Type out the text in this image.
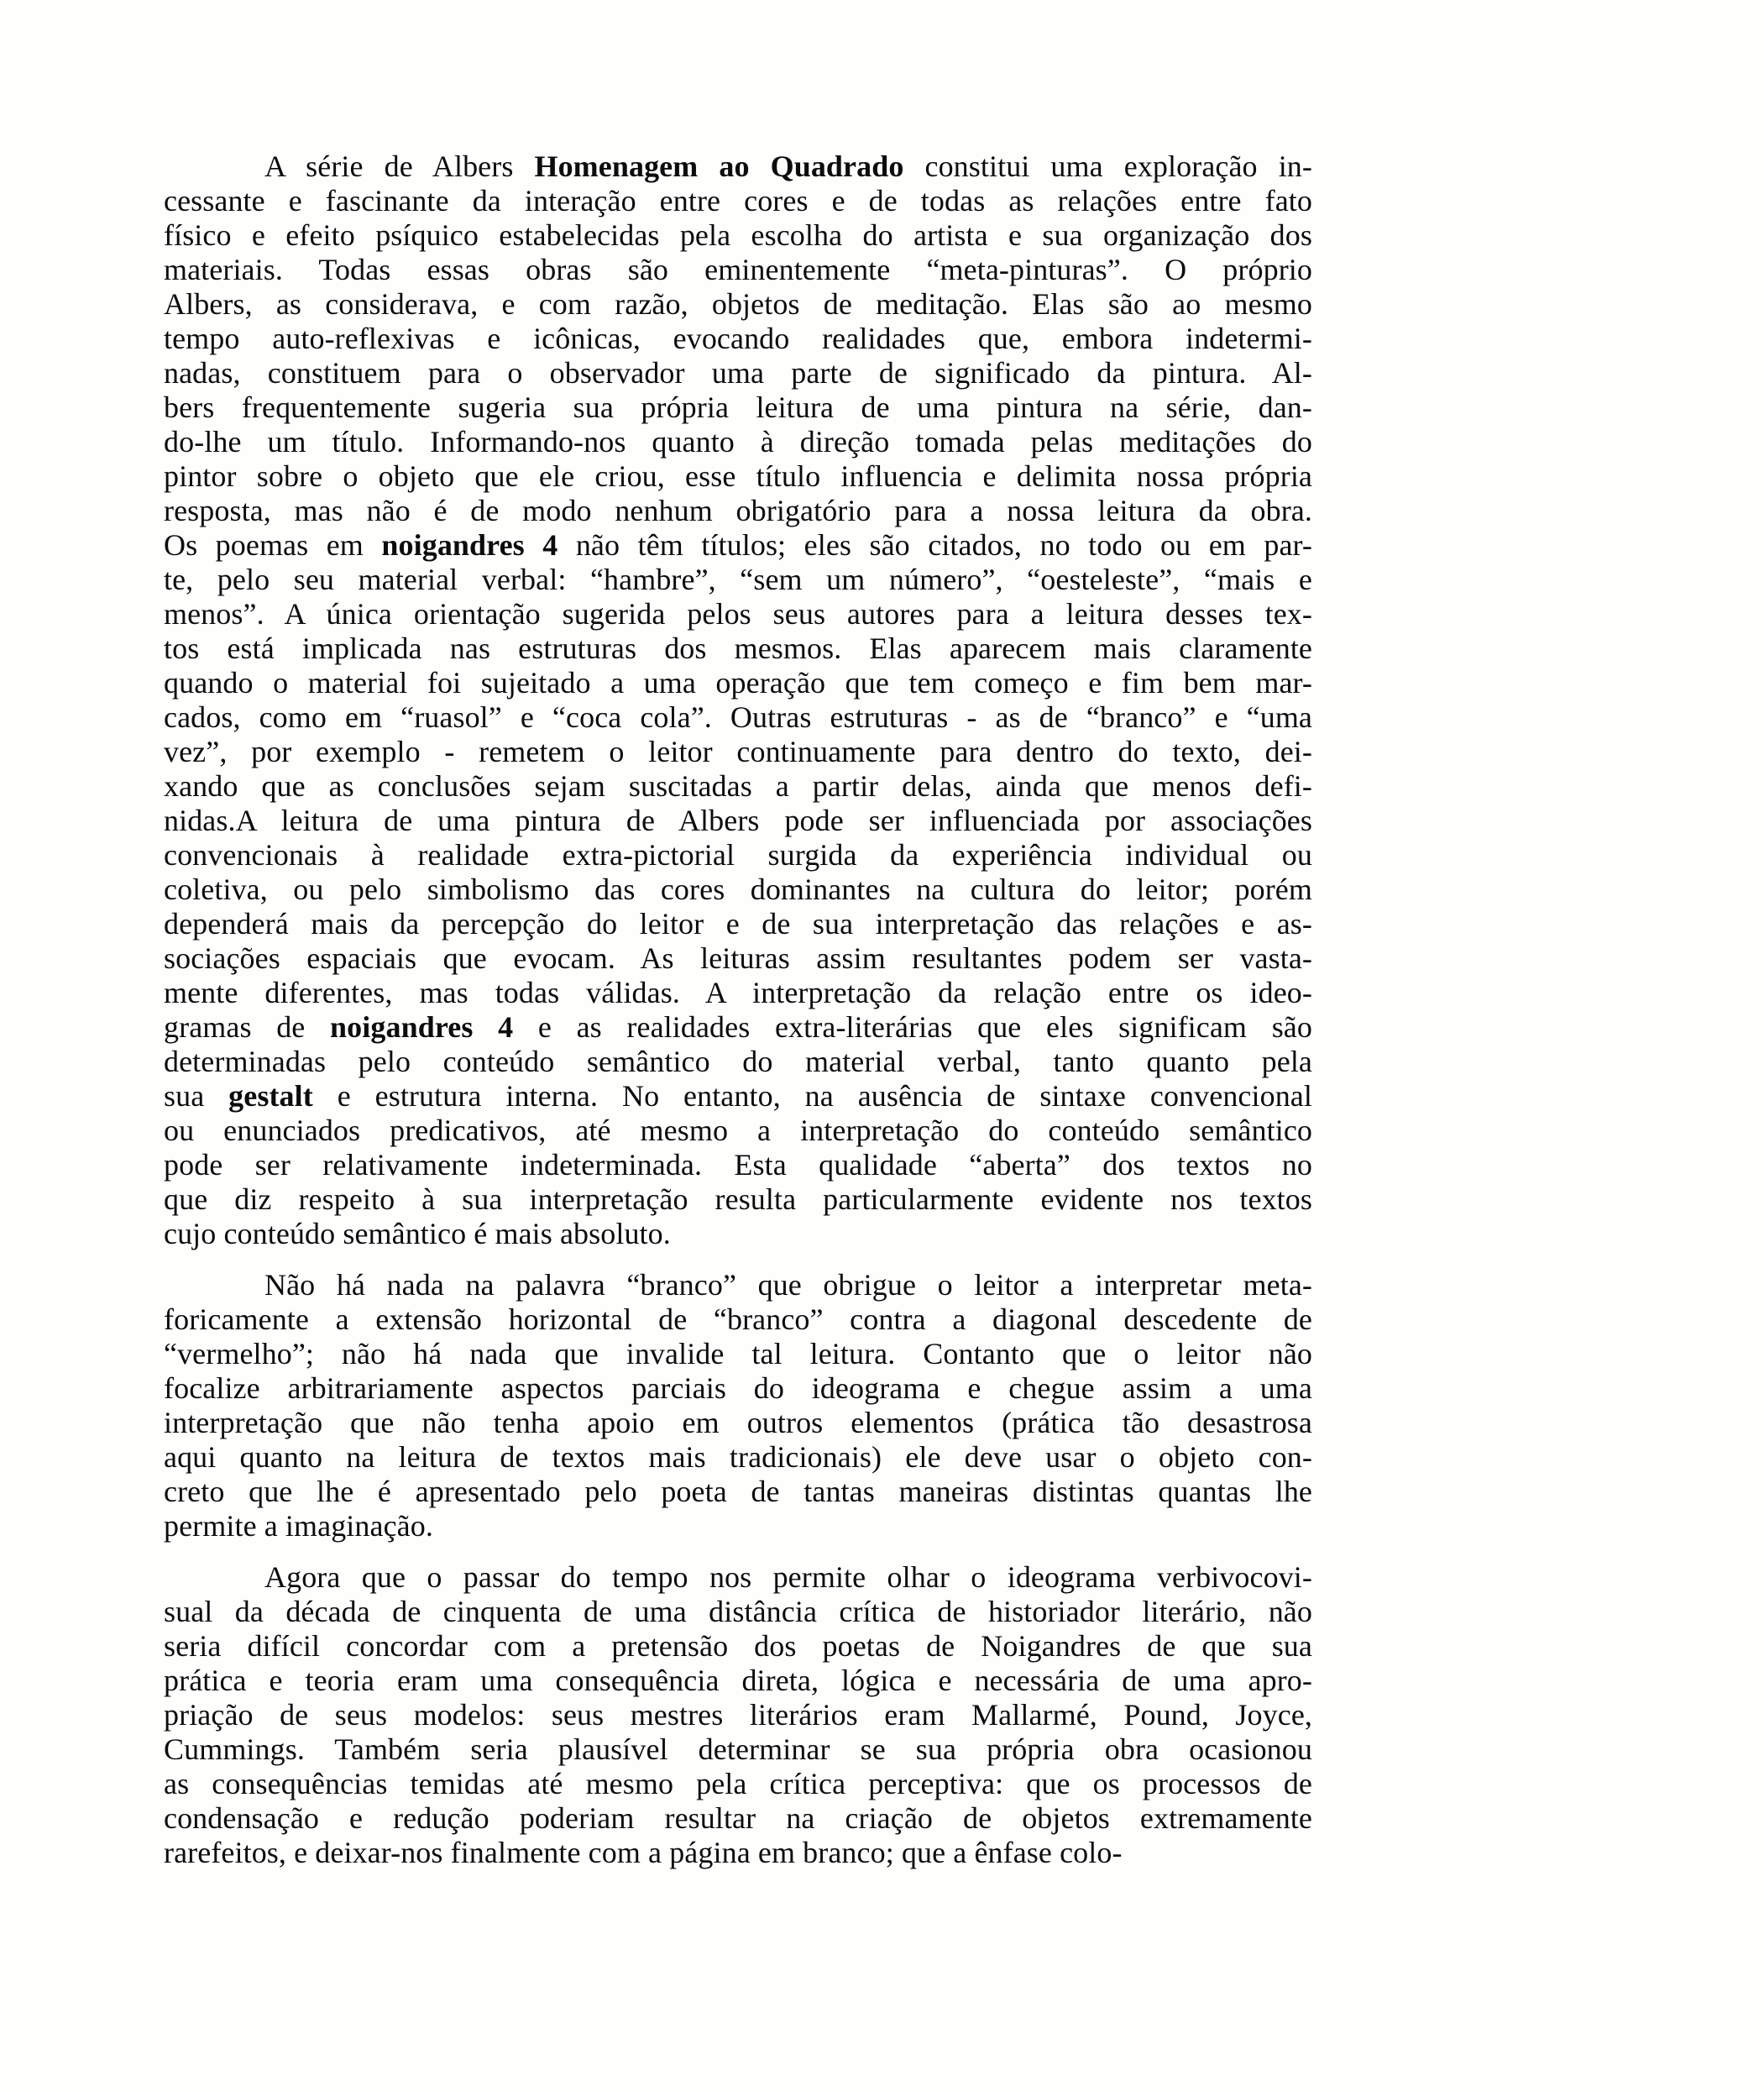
A série de Albers Homenagem ao Quadrado constitui uma exploração in-
cessante e fascinante da interação entre cores e de todas as relações entre fato
físico e efeito psíquico estabelecidas pela escolha do artista e sua organização dos
materiais. Todas essas obras são eminentemente “meta-pinturas”. O próprio
Albers, as considerava, e com razão, objetos de meditação. Elas são ao mesmo
tempo auto-reflexivas e icônicas, evocando realidades que, embora indetermi-
nadas, constituem para o observador uma parte de significado da pintura. Al-
bers frequentemente sugeria sua própria leitura de uma pintura na série, dan-
do-lhe um título. Informando-nos quanto à direção tomada pelas meditações do
pintor sobre o objeto que ele criou, esse título influencia e delimita nossa própria
resposta, mas não é de modo nenhum obrigatório para a nossa leitura da obra.
Os poemas em noigandres 4 não têm títulos; eles são citados, no todo ou em par-
te, pelo seu material verbal: “hambre”, “sem um número”, “oesteleste”, “mais e
menos”. A única orientação sugerida pelos seus autores para a leitura desses tex-
tos está implicada nas estruturas dos mesmos. Elas aparecem mais claramente
quando o material foi sujeitado a uma operação que tem começo e fim bem mar-
cados, como em “ruasol” e “coca cola”. Outras estruturas - as de “branco” e “uma
vez”, por exemplo - remetem o leitor continuamente para dentro do texto, dei-
xando que as conclusões sejam suscitadas a partir delas, ainda que menos defi-
nidas.A leitura de uma pintura de Albers pode ser influenciada por associações
convencionais à realidade extra-pictorial surgida da experiência individual ou
coletiva, ou pelo simbolismo das cores dominantes na cultura do leitor; porém
dependerá mais da percepção do leitor e de sua interpretação das relações e as-
sociações espaciais que evocam. As leituras assim resultantes podem ser vasta-
mente diferentes, mas todas válidas. A interpretação da relação entre os ideo-
gramas de noigandres 4 e as realidades extra-literárias que eles significam são
determinadas pelo conteúdo semântico do material verbal, tanto quanto pela
sua gestalt e estrutura interna. No entanto, na ausência de sintaxe convencional
ou enunciados predicativos, até mesmo a interpretação do conteúdo semântico
pode ser relativamente indeterminada. Esta qualidade “aberta” dos textos no
que diz respeito à sua interpretação resulta particularmente evidente nos textos
cujo conteúdo semântico é mais absoluto.
Não há nada na palavra “branco” que obrigue o leitor a interpretar meta-
foricamente a extensão horizontal de “branco” contra a diagonal descedente de
“vermelho”; não há nada que invalide tal leitura. Contanto que o leitor não
focalize arbitrariamente aspectos parciais do ideograma e chegue assim a uma
interpretação que não tenha apoio em outros elementos (prática tão desastrosa
aqui quanto na leitura de textos mais tradicionais) ele deve usar o objeto con-
creto que lhe é apresentado pelo poeta de tantas maneiras distintas quantas lhe
permite a imaginação.
Agora que o passar do tempo nos permite olhar o ideograma verbivocovi-
sual da década de cinquenta de uma distância crítica de historiador literário, não
seria difícil concordar com a pretensão dos poetas de Noigandres de que sua
prática e teoria eram uma consequência direta, lógica e necessária de uma apro-
priação de seus modelos: seus mestres literários eram Mallarmé, Pound, Joyce,
Cummings. Também seria plausível determinar se sua própria obra ocasionou
as consequências temidas até mesmo pela crítica perceptiva: que os processos de
condensação e redução poderiam resultar na criação de objetos extremamente
rarefeitos, e deixar-nos finalmente com a página em branco; que a ênfase colo-
